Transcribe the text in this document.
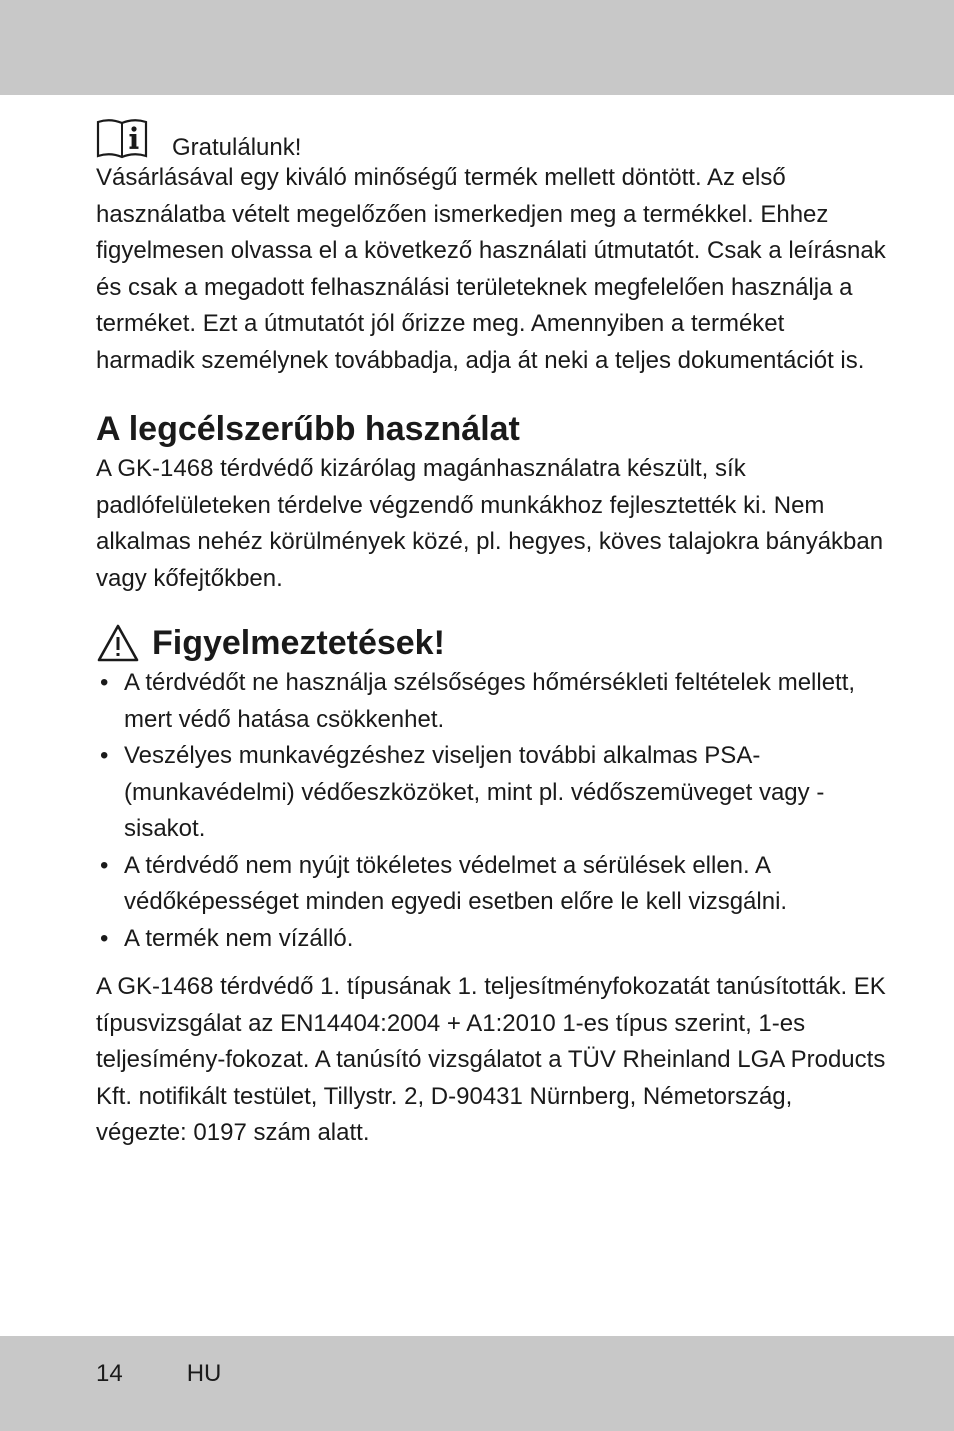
Gratulálunk!

Vásárlásával egy kiváló minőségű termék mellett döntött. Az első használatba vételt megelőzően ismerkedjen meg a termékkel. Ehhez figyelmesen olvassa el a következő használati útmutatót. Csak a leírásnak és csak a megadott felhasználási területeknek megfelelően használja a terméket. Ezt a útmutatót jól őrizze meg. Amennyiben a terméket harmadik személynek továbbadja, adja át neki a teljes dokumentációt is.

A legcélszerűbb használat

A GK-1468 térdvédő kizárólag magánhasználatra készült, sík padlófelületeken térdelve végzendő munkákhoz fejlesztették ki. Nem alkalmas nehéz körülmények közé, pl. hegyes, köves talajokra bányákban vagy kőfejtőkben.

Figyelmeztetések!
• A térdvédőt ne használja szélsőséges hőmérsékleti feltételek mellett, mert védő hatása csökkenhet.
• Veszélyes munkavégzéshez viseljen további alkalmas PSA- (munkavédelmi) védőeszközöket, mint pl. védőszemüveget vagy -sisakot.
• A térdvédő nem nyújt tökéletes védelmet a sérülések ellen. A védőképességet minden egyedi esetben előre le kell vizsgálni.
• A termék nem vízálló.

A GK-1468 térdvédő 1. típusának 1. teljesítményfokozatát tanúsították. EK típusvizsgálat az EN14404:2004 + A1:2010 1-es típus szerint, 1-es teljesímény-fokozat. A tanúsító vizsgálatot a TÜV Rheinland LGA Products Kft. notifikált testület, Tillystr. 2, D-90431 Nürnberg, Németország, végezte: 0197 szám alatt.

14	HU
